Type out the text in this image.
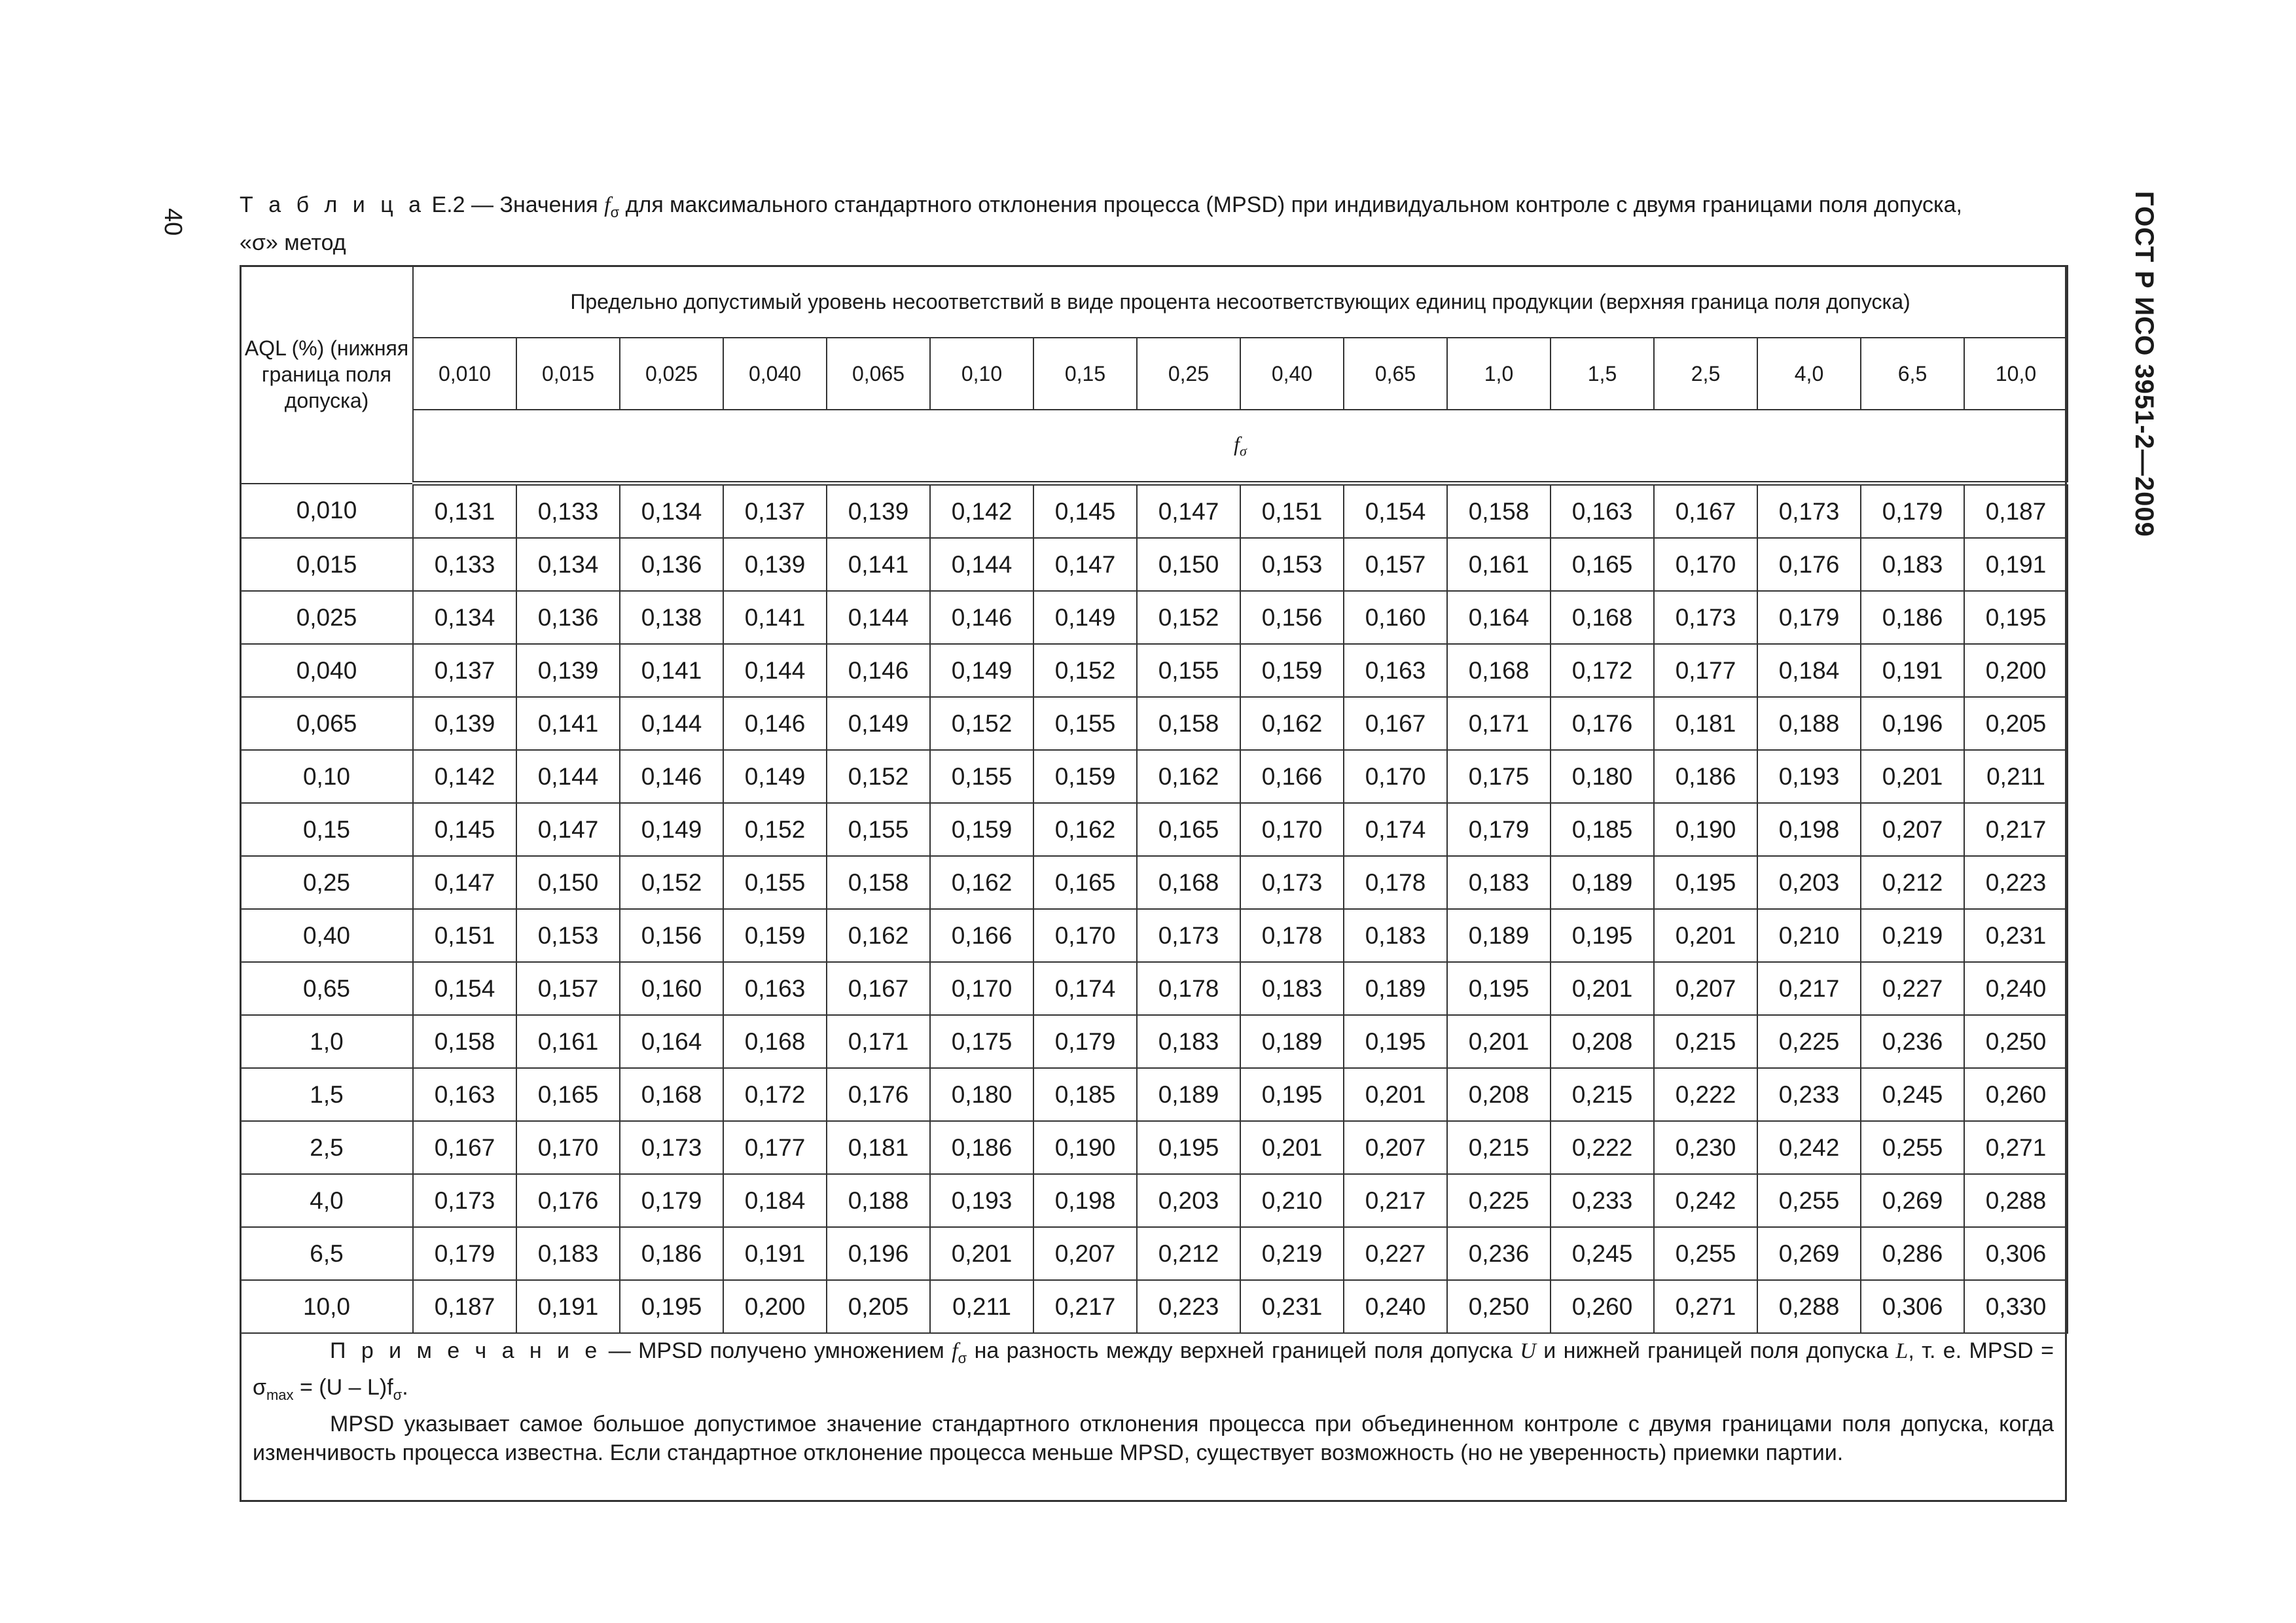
40	ГОСТ Р ИСО 3951-2—2009
Т а б л и ц а Е.2 — Значения $f_\sigma$ для максимального стандартного отклонения процесса (MPSD) при индивидуальном контроле с двумя границами поля допуска,
«σ» метод
AQL (%) (нижняя граница поля допуска)	Предельно допустимый уровень несоответствий в виде процента несоответствующих единиц продукции (верхняя граница поля допуска)															
	0,010	0,015	0,025	0,040	0,065	0,10	0,15	0,25	0,40	0,65	1,0	1,5	2,5	4,0	6,5	10,0
	$f_\sigma$
0,010	0,131	0,133	0,134	0,137	0,139	0,142	0,145	0,147	0,151	0,154	0,158	0,163	0,167	0,173	0,179	0,187
0,015	0,133	0,134	0,136	0,139	0,141	0,144	0,147	0,150	0,153	0,157	0,161	0,165	0,170	0,176	0,183	0,191
0,025	0,134	0,136	0,138	0,141	0,144	0,146	0,149	0,152	0,156	0,160	0,164	0,168	0,173	0,179	0,186	0,195
0,040	0,137	0,139	0,141	0,144	0,146	0,149	0,152	0,155	0,159	0,163	0,168	0,172	0,177	0,184	0,191	0,200
0,065	0,139	0,141	0,144	0,146	0,149	0,152	0,155	0,158	0,162	0,167	0,171	0,176	0,181	0,188	0,196	0,205
0,10	0,142	0,144	0,146	0,149	0,152	0,155	0,159	0,162	0,166	0,170	0,175	0,180	0,186	0,193	0,201	0,211
0,15	0,145	0,147	0,149	0,152	0,155	0,159	0,162	0,165	0,170	0,174	0,179	0,185	0,190	0,198	0,207	0,217
0,25	0,147	0,150	0,152	0,155	0,158	0,162	0,165	0,168	0,173	0,178	0,183	0,189	0,195	0,203	0,212	0,223
0,40	0,151	0,153	0,156	0,159	0,162	0,166	0,170	0,173	0,178	0,183	0,189	0,195	0,201	0,210	0,219	0,231
0,65	0,154	0,157	0,160	0,163	0,167	0,170	0,174	0,178	0,183	0,189	0,195	0,201	0,207	0,217	0,227	0,240
1,0	0,158	0,161	0,164	0,168	0,171	0,175	0,179	0,183	0,189	0,195	0,201	0,208	0,215	0,225	0,236	0,250
1,5	0,163	0,165	0,168	0,172	0,176	0,180	0,185	0,189	0,195	0,201	0,208	0,215	0,222	0,233	0,245	0,260
2,5	0,167	0,170	0,173	0,177	0,181	0,186	0,190	0,195	0,201	0,207	0,215	0,222	0,230	0,242	0,255	0,271
4,0	0,173	0,176	0,179	0,184	0,188	0,193	0,198	0,203	0,210	0,217	0,225	0,233	0,242	0,255	0,269	0,288
6,5	0,179	0,183	0,186	0,191	0,196	0,201	0,207	0,212	0,219	0,227	0,236	0,245	0,255	0,269	0,286	0,306
10,0	0,187	0,191	0,195	0,200	0,205	0,211	0,217	0,223	0,231	0,240	0,250	0,260	0,271	0,288	0,306	0,330

П р и м е ч а н и е — MPSD получено умножением $f_\sigma$ на разность между верхней границей поля допуска U и нижней границей поля допуска L, т. е. MPSD = $\sigma_{max} = (U - L)f_\sigma$.

MPSD указывает самое большое допустимое значение стандартного отклонения процесса при объединенном контроле с двумя границами поля допуска, когда изменчивость процесса известна. Если стандартное отклонение процесса меньше MPSD, существует возможность (но не уверенность) приемки партии.
